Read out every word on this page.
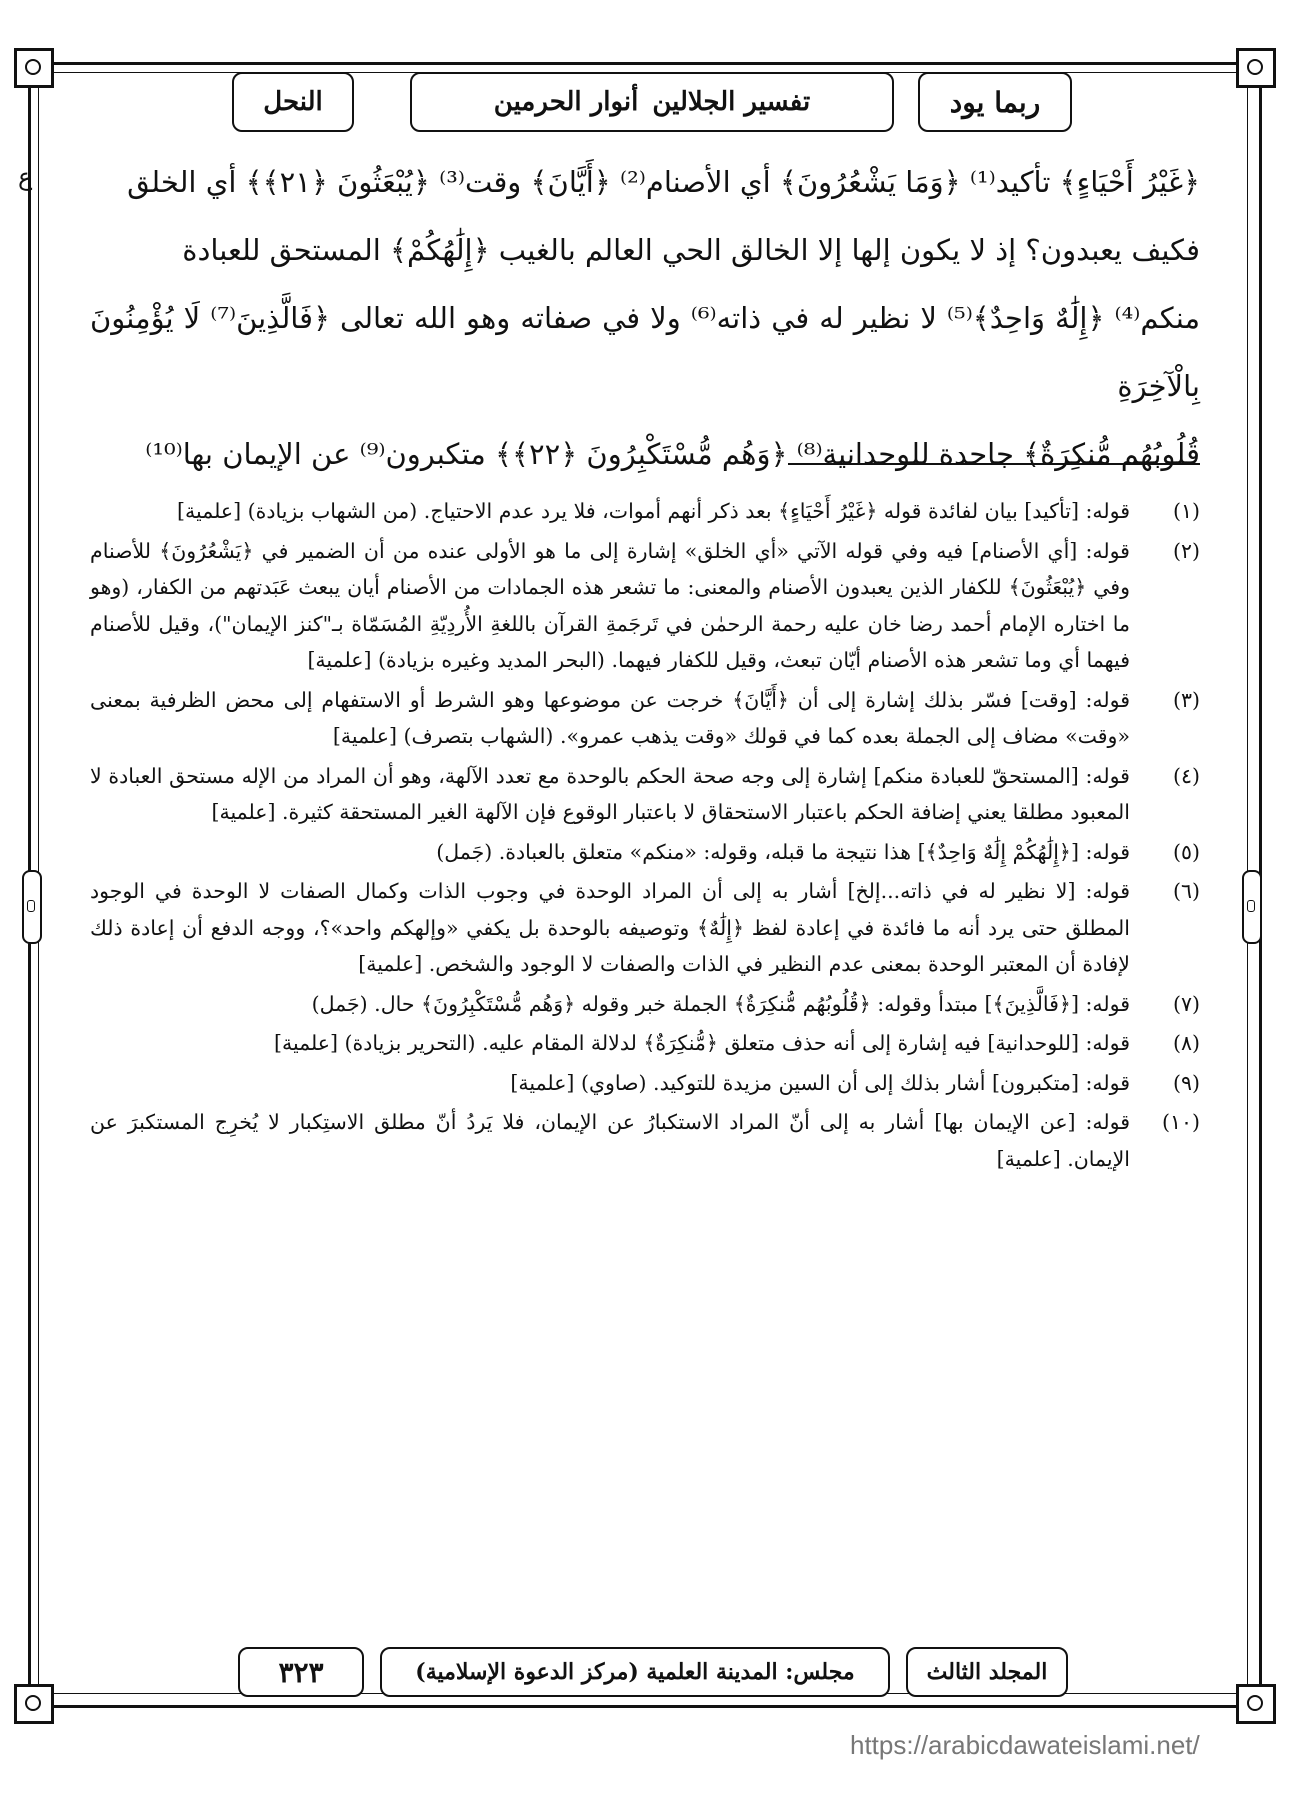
النحل	أنوار الحرمين تفسير الجلالين	ربما يود
ع	﴿غَيْرُ أَحْيَاءٍ﴾ تأكيد⁽¹⁾ ﴿وَمَا يَشْعُرُونَ﴾ أي الأصنام⁽²⁾ ﴿أَيَّانَ﴾ وقت⁽³⁾ ﴿يُبْعَثُونَ ﴿٢١﴾﴾ أي الخلق

فكيف يعبدون؟ إذ لا يكون إلها إلا الخالق الحي العالم بالغيب ﴿إِلَٰهُكُمْ﴾ المستحق للعبادة

منكم⁽⁴⁾ ﴿إِلَٰهٌ وَاحِدٌ﴾⁽⁵⁾ لا نظير له في ذاته⁽⁶⁾ ولا في صفاته وهو الله تعالى ﴿فَالَّذِينَ⁽⁷⁾ لَا يُؤْمِنُونَ بِالْآخِرَةِ

قُلُوبُهُم مُّنكِرَةٌ﴾ جاحدة للوحدانية⁽⁸⁾ ﴿وَهُم مُّسْتَكْبِرُونَ ﴿٢٢﴾﴾ متكبرون⁽⁹⁾ عن الإيمان بها⁽¹⁰⁾

(١)
قوله: [تأكيد] بيان لفائدة قوله ﴿غَيْرُ أَحْيَاءٍ﴾ بعد ذكر أنهم أموات، فلا يرد عدم الاحتياج. (من الشهاب بزيادة) [علمية]

(٢)
قوله: [أي الأصنام] فيه وفي قوله الآتي «أي الخلق» إشارة إلى ما هو الأولى عنده من أن الضمير في ﴿يَشْعُرُونَ﴾ للأصنام وفي ﴿يُبْعَثُونَ﴾ للكفار الذين يعبدون الأصنام والمعنى: ما تشعر هذه الجمادات من الأصنام أيان يبعث عَبَدتهم من الكفار، (وهو ما اختاره الإمام أحمد رضا خان عليه رحمة الرحمٰن في تَرجَمةِ القرآن باللغةِ الأُردِيّةِ المُسَمّاة بـ"كنز الإيمان")، وقيل للأصنام فيهما أي وما تشعر هذه الأصنام أيّان تبعث، وقيل للكفار فيهما. (البحر المديد وغيره بزيادة) [علمية]

(٣)
قوله: [وقت] فسّر بذلك إشارة إلى أن ﴿أَيَّانَ﴾ خرجت عن موضوعها وهو الشرط أو الاستفهام إلى محض الظرفية بمعنى «وقت» مضاف إلى الجملة بعده كما في قولك «وقت يذهب عمرو». (الشهاب بتصرف) [علمية]

(٤)
قوله: [المستحقّ للعبادة منكم] إشارة إلى وجه صحة الحكم بالوحدة مع تعدد الآلهة، وهو أن المراد من الإله مستحق العبادة لا المعبود مطلقا يعني إضافة الحكم باعتبار الاستحقاق لا باعتبار الوقوع فإن الآلهة الغير المستحقة كثيرة. [علمية]

(٥)
قوله: [﴿إِلَٰهُكُمْ إِلَٰهٌ وَاحِدٌ﴾] هذا نتيجة ما قبله، وقوله: «منكم» متعلق بالعبادة. (جَمل)

(٦)
قوله: [لا نظير له في ذاته...إلخ] أشار به إلى أن المراد الوحدة في وجوب الذات وكمال الصفات لا الوحدة في الوجود المطلق حتى يرد أنه ما فائدة في إعادة لفظ ﴿إِلَٰهٌ﴾ وتوصيفه بالوحدة بل يكفي «وإلهكم واحد»؟، ووجه الدفع أن إعادة ذلك لإفادة أن المعتبر الوحدة بمعنى عدم النظير في الذات والصفات لا الوجود والشخص. [علمية]

(٧)
قوله: [﴿فَالَّذِينَ﴾] مبتدأ وقوله: ﴿قُلُوبُهُم مُّنكِرَةٌ﴾ الجملة خبر وقوله ﴿وَهُم مُّسْتَكْبِرُونَ﴾ حال. (جَمل)

(٨)
قوله: [للوحدانية] فيه إشارة إلى أنه حذف متعلق ﴿مُّنكِرَةٌ﴾ لدلالة المقام عليه. (التحرير بزيادة) [علمية]

(٩)
قوله: [متكبرون] أشار بذلك إلى أن السين مزيدة للتوكيد. (صاوي) [علمية]

(١٠)
قوله: [عن الإيمان بها] أشار به إلى أنّ المراد الاستكبارُ عن الإيمان، فلا يَردُ أنّ مطلق الاستِكبار لا يُخرِج المستكبرَ عن الإيمان. [علمية]

٣٢٣	مجلس: المدينة العلمية (مركز الدعوة الإسلامية)	المجلد الثالث
https://arabicdawateislami.net/
